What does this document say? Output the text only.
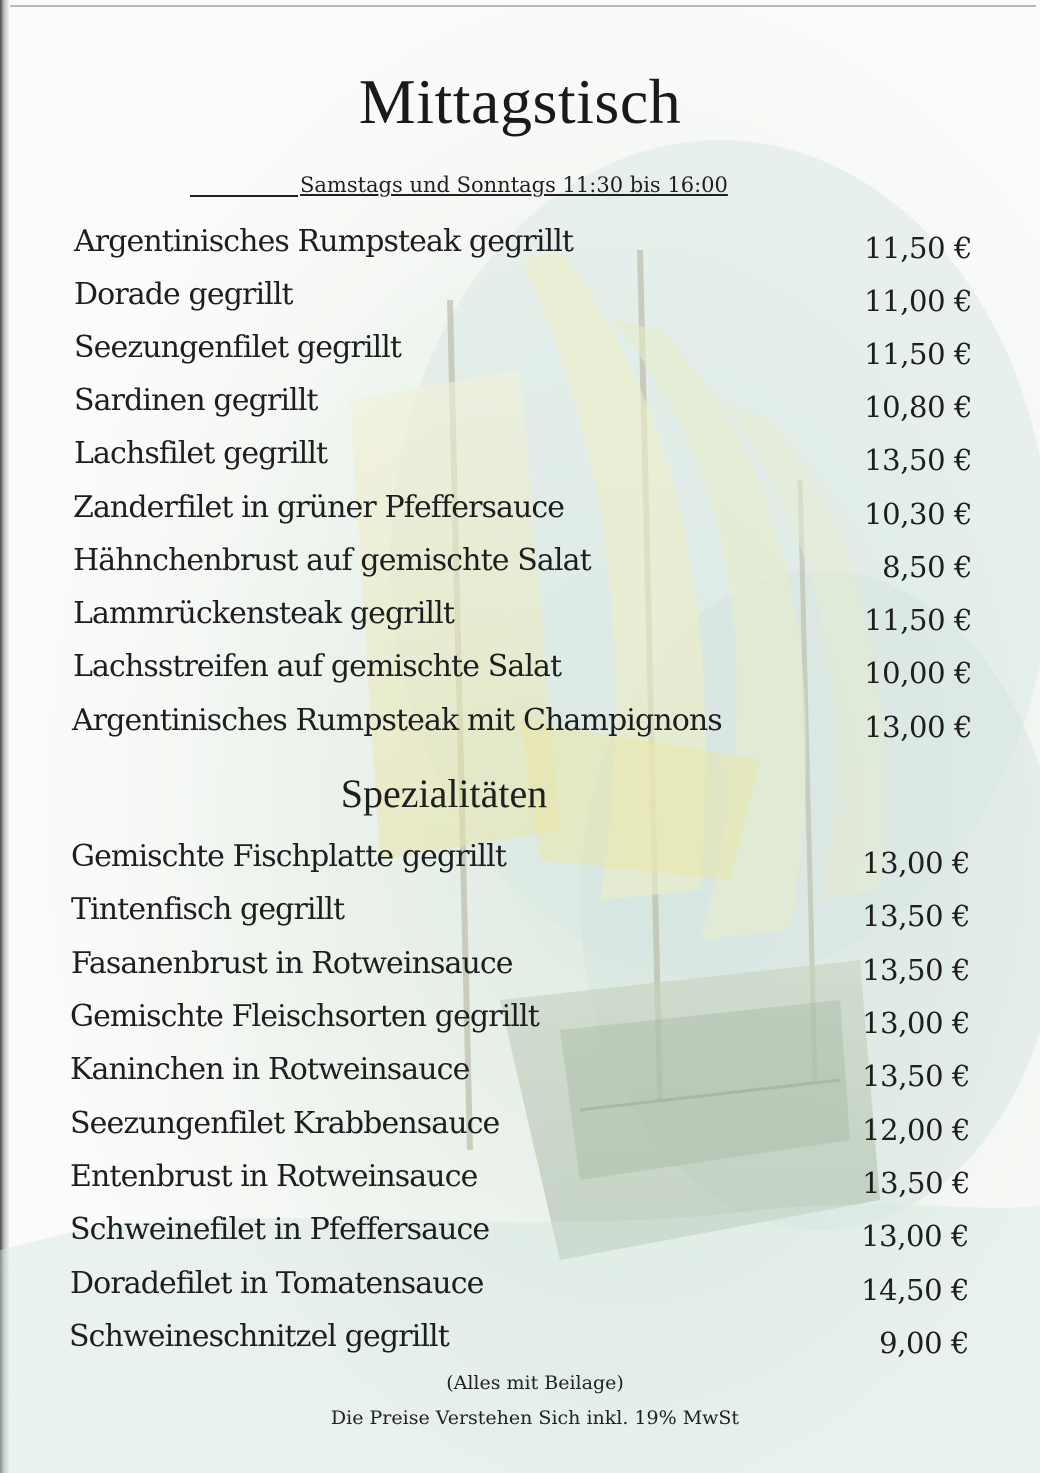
Mittagstisch
Samstags und Sonntags 11:30 bis 16:00
Argentinisches Rumpsteak gegrillt	11,50 €
Dorade gegrillt	11,00 €
Seezungenfilet gegrillt	11,50 €
Sardinen gegrillt	10,80 €
Lachsfilet gegrillt	13,50 €
Zanderfilet in grüner Pfeffersauce	10,30 €
Hähnchenbrust auf gemischte Salat	8,50 €
Lammrückensteak gegrillt	11,50 €
Lachsstreifen auf gemischte Salat	10,00 €
Argentinisches Rumpsteak mit Champignons	13,00 €
Spezialitäten
Gemischte Fischplatte gegrillt	13,00 €
Tintenfisch gegrillt	13,50 €
Fasanenbrust in Rotweinsauce	13,50 €
Gemischte Fleischsorten gegrillt	13,00 €
Kaninchen in Rotweinsauce	13,50 €
Seezungenfilet Krabbensauce	12,00 €
Entenbrust in Rotweinsauce	13,50 €
Schweinefilet in Pfeffersauce	13,00 €
Doradefilet in Tomatensauce	14,50 €
Schweineschnitzel gegrillt	9,00 €
(Alles mit Beilage)
Die Preise Verstehen Sich inkl. 19% MwSt
